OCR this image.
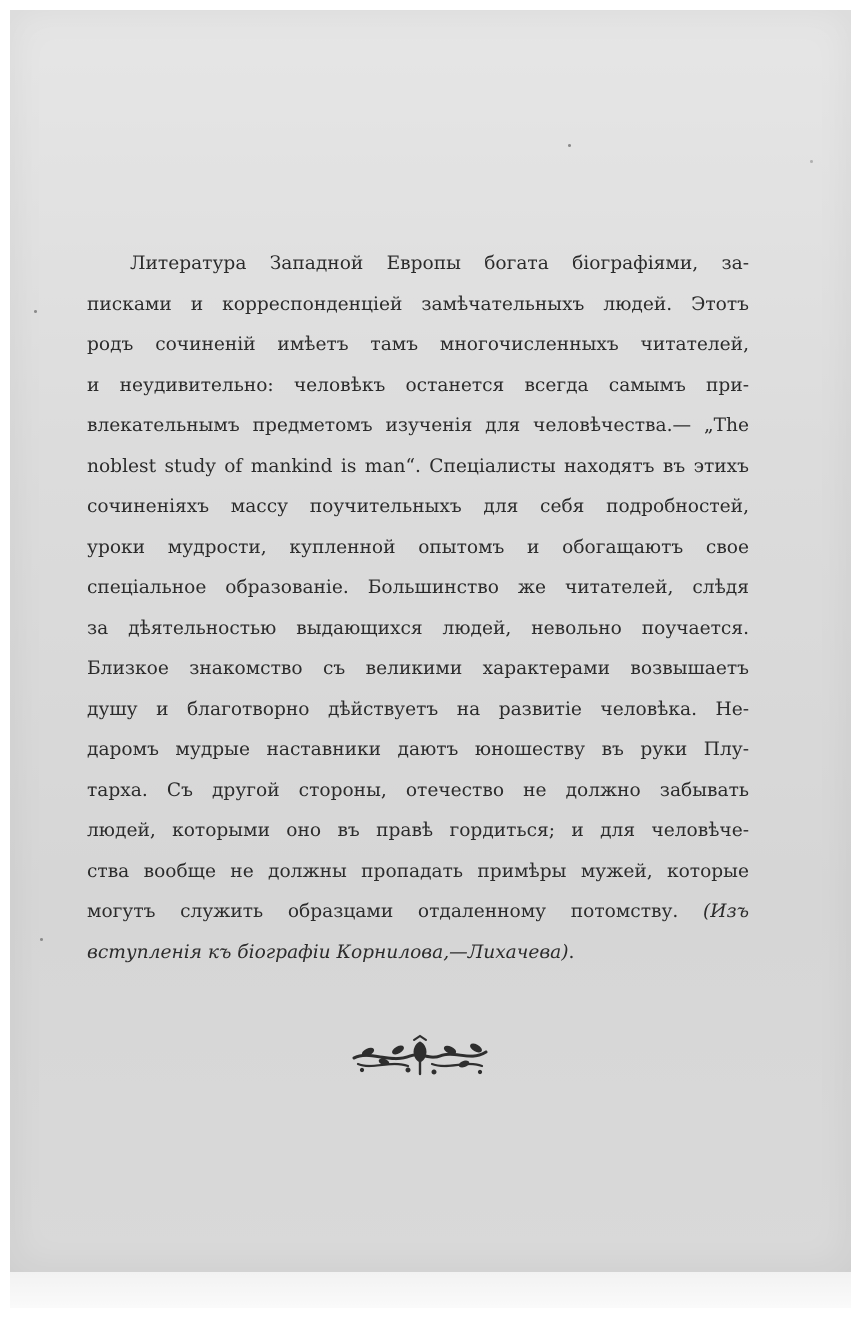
Литература Западной Европы богата біографіями, за-
писками и корреспонденціей замѣчательныхъ людей. Этотъ
родъ сочиненій имѣетъ тамъ многочисленныхъ читателей,
и неудивительно: человѣкъ останется всегда самымъ при-
влекательнымъ предметомъ изученія для человѣчества.— „The
noblest study of mankind is man“. Спеціалисты находятъ въ этихъ
сочиненіяхъ массу поучительныхъ для себя подробностей,
уроки мудрости, купленной опытомъ и обогащаютъ свое
спеціальное образованіе. Большинство же читателей, слѣдя
за дѣятельностью выдающихся людей, невольно поучается.
Близкое знакомство съ великими характерами возвышаетъ
душу и благотворно дѣйствуетъ на развитіе человѣка. Не-
даромъ мудрые наставники даютъ юношеству въ руки Плу-
тарха. Съ другой стороны, отечество не должно забывать
людей, которыми оно въ правѣ гордиться; и для человѣче-
ства вообще не должны пропадать примѣры мужей, которые
могутъ служить образцами отдаленному потомству. (Изъ
вступленія къ біографіи Корнилова,—Лихачева).
